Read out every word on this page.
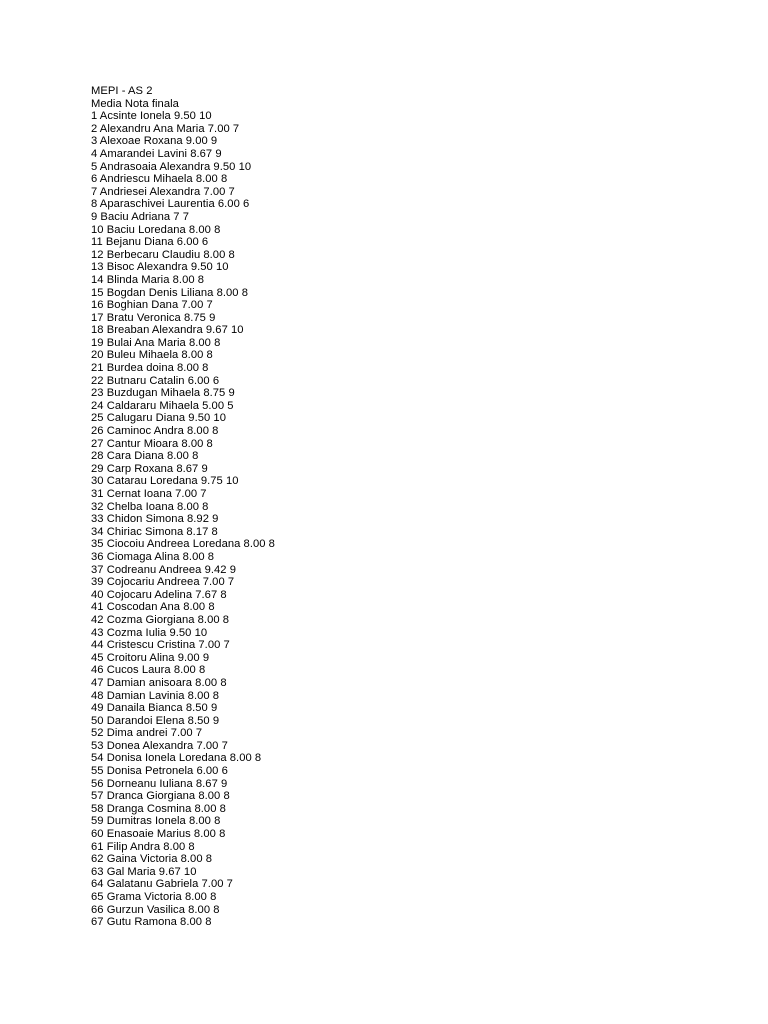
MEPI - AS 2
Media Nota finala
1 Acsinte Ionela 9.50 10
2 Alexandru Ana Maria 7.00 7
3 Alexoae Roxana 9.00 9
4 Amarandei Lavini 8.67 9
5 Andrasoaia Alexandra 9.50 10
6 Andriescu Mihaela 8.00 8
7 Andriesei Alexandra 7.00 7
8 Aparaschivei Laurentia 6.00 6
9 Baciu Adriana 7 7
10 Baciu Loredana 8.00 8
11 Bejanu Diana 6.00 6
12 Berbecaru Claudiu 8.00 8
13 Bisoc Alexandra 9.50 10
14 Blinda Maria 8.00 8
15 Bogdan Denis Liliana 8.00 8
16 Boghian Dana 7.00 7
17 Bratu Veronica 8.75 9
18 Breaban Alexandra 9.67 10
19 Bulai Ana Maria 8.00 8
20 Buleu Mihaela 8.00 8
21 Burdea doina 8.00 8
22 Butnaru Catalin 6.00 6
23 Buzdugan Mihaela 8.75 9
24 Caldararu Mihaela 5.00 5
25 Calugaru Diana 9.50 10
26 Caminoc Andra 8.00 8
27 Cantur Mioara 8.00 8
28 Cara Diana 8.00 8
29 Carp Roxana 8.67 9
30 Catarau Loredana 9.75 10
31 Cernat Ioana 7.00 7
32 Chelba Ioana 8.00 8
33 Chidon Simona 8.92 9
34 Chiriac Simona 8.17 8
35 Ciocoiu Andreea Loredana 8.00 8
36 Ciomaga Alina 8.00 8
37 Codreanu Andreea 9.42 9
39 Cojocariu Andreea 7.00 7
40 Cojocaru Adelina 7.67 8
41 Coscodan Ana 8.00 8
42 Cozma Giorgiana 8.00 8
43 Cozma Iulia 9.50 10
44 Cristescu Cristina 7.00 7
45 Croitoru Alina 9.00 9
46 Cucos Laura 8.00 8
47 Damian anisoara 8.00 8
48 Damian Lavinia 8.00 8
49 Danaila Bianca 8.50 9
50 Darandoi Elena 8.50 9
52 Dima andrei 7.00 7
53 Donea Alexandra 7.00 7
54 Donisa Ionela Loredana 8.00 8
55 Donisa Petronela 6.00 6
56 Dorneanu Iuliana 8.67 9
57 Dranca Giorgiana 8.00 8
58 Dranga Cosmina 8.00 8
59 Dumitras Ionela 8.00 8
60 Enasoaie Marius 8.00 8
61 Filip Andra 8.00 8
62 Gaina Victoria 8.00 8
63 Gal Maria 9.67 10
64 Galatanu Gabriela 7.00 7
65 Grama Victoria 8.00 8
66 Gurzun Vasilica 8.00 8
67 Gutu Ramona 8.00 8
